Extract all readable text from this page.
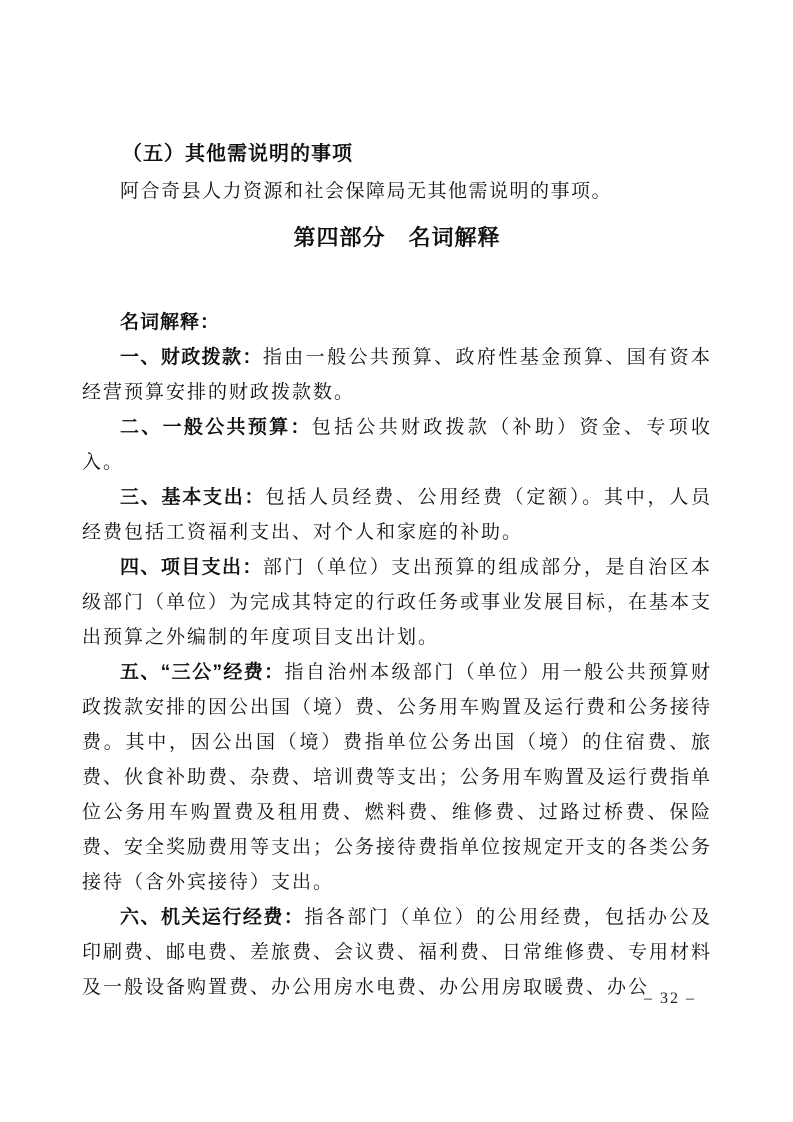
（五）其他需说明的事项

阿合奇县人力资源和社会保障局无其他需说明的事项。

第四部分　名词解释

名词解释：

一、财政拨款：指由一般公共预算、政府性基金预算、国有资本经营预算安排的财政拨款数。

二、一般公共预算：包括公共财政拨款（补助）资金、专项收入。

三、基本支出：包括人员经费、公用经费（定额）。其中，人员经费包括工资福利支出、对个人和家庭的补助。

四、项目支出：部门（单位）支出预算的组成部分，是自治区本级部门（单位）为完成其特定的行政任务或事业发展目标，在基本支出预算之外编制的年度项目支出计划。

五、“三公”经费：指自治州本级部门（单位）用一般公共预算财政拨款安排的因公出国（境）费、公务用车购置及运行费和公务接待费。其中，因公出国（境）费指单位公务出国（境）的住宿费、旅费、伙食补助费、杂费、培训费等支出；公务用车购置及运行费指单位公务用车购置费及租用费、燃料费、维修费、过路过桥费、保险费、安全奖励费用等支出；公务接待费指单位按规定开支的各类公务接待（含外宾接待）支出。

六、机关运行经费：指各部门（单位）的公用经费，包括办公及印刷费、邮电费、差旅费、会议费、福利费、日常维修费、专用材料及一般设备购置费、办公用房水电费、办公用房取暖费、办公

– 32 –
